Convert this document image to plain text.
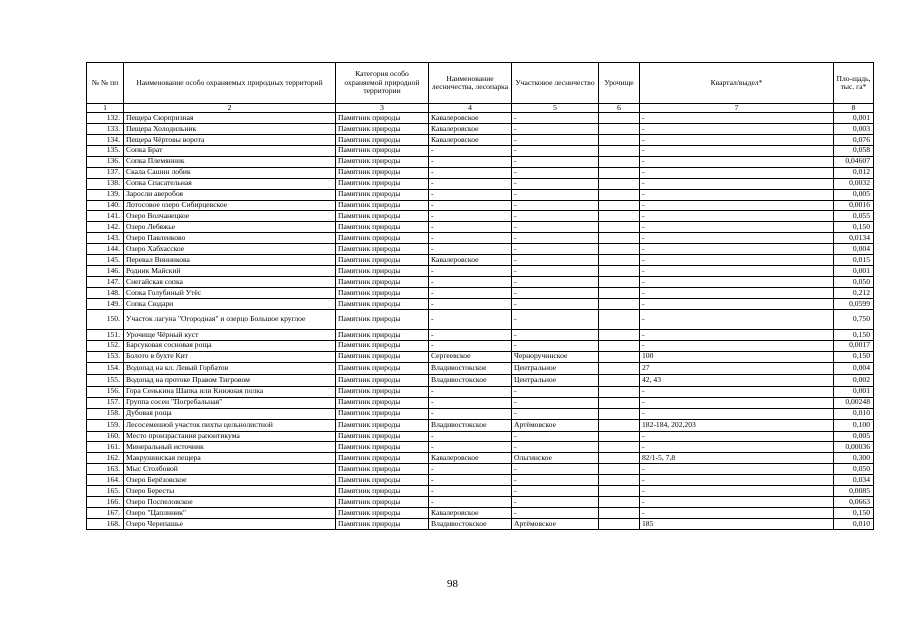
№ № пп	Наименование особо охраняемых природных территорий	Категория особо охраняемой природной территории	Наименование лесничества, лесопарка	Участковое лесничество	Урочище	Квартал/выдел*	Пло-щадь, тыс. га*
1	2	3	4	5	6	7	8
132.	Пещера Сюрпризная	Памятник природы	Кавалеровское	-		-	0,001
133.	Пещера Холодильник	Памятник природы	Кавалеровское	-		-	0,003
134.	Пещера Чёртовы ворота	Памятник природы	Кавалеровское	-		-	0,076
135.	Сопка Брат	Памятник природы	-	-		-	0,058
136.	Сопка Племянник	Памятник природы	-	-		-	0,04607
137.	Скала Сашин лобик	Памятник природы	-	-		-	0,012
138.	Сопка Спасательная	Памятник природы	-	-		-	0,0032
139.	Заросли аверобоя	Памятник природы	-	-		-	0,005
140.	Лотосовое озеро Сибирцевское	Памятник природы	-	-		-	0,0016
141.	Озеро Волчанецкое	Памятник природы	-	-		-	0,055
142.	Озеро Лебяжье	Памятник природы	-	-		-	0,150
143.	Озеро Павленково	Памятник природы	-	-		-	0,0134
144.	Озеро Хабхасское	Памятник природы	-	-		-	0,004
145.	Перевал Винникова	Памятник природы	Кавалеровское	-		-	0,015
146.	Родник Майский	Памятник природы	-	-		-	0,001
147.	Снегайская сопка	Памятник природы	-	-		-	0,050
148.	Сопка Голубиный Утёс	Памятник природы	-	-		-	0,212
149.	Сопка Сюдари	Памятник природы	-	-		-	0,0599
150.	Участок лагуна "Огородная" и озерцо Большое круглое	Памятник природы	-	-		-	0,750
151.	Урочище Чёрный куст	Памятник природы	-	-		-	0,150
152.	Барсуковая сосновая роща	Памятник природы	-	-		-	0,0017
153.	Болото в бухте Кит	Памятник природы	Сергеевское	Черноручинское		100	0,150
154.	Водопад на кл. Левый Горбатов	Памятник природы	Владивостокское	Центральное		27	0,004
155.	Водопад на протоке Правом Тигровом	Памятник природы	Владивостокское	Центральное		42, 43	0,002
156.	Гора Сенькина Шапка или Книжная полка	Памятник природы	-	-		-	0,001
157.	Группа сосен "Погребальная"	Памятник природы	-	-		-	0,00248
158.	Дубовая роща	Памятник природы	-	-		-	0,010
159.	Лесосеменной участок пихты цельнолистной	Памятник природы	Владивостокское	Артёмовское		182-184, 202,203	0,100
160.	Место произрастания рапонтикума	Памятник природы	-	-		-	0,005
161.	Минеральный источник	Памятник природы	-	-		-	0,00036
162.	Макрушинская пещера	Памятник природы	Кавалеровское	Ольгинское		82/1-5, 7,8	0,300
163.	Мыс Столбовой	Памятник природы	-	-		-	0,050
164.	Озеро Берёзовское	Памятник природы	-	-		-	0,034
165.	Озеро Бересты	Памятник природы	-	-		-	0,0085
166.	Озеро Поспеловское	Памятник природы	-	-		-	0,0663
167.	Озеро "Цаплиник"	Памятник природы	Кавалеровское	-		-	0,150
168.	Озеро Черепашье	Памятник природы	Владивостокское	Артёмовское		185	0,010
98
